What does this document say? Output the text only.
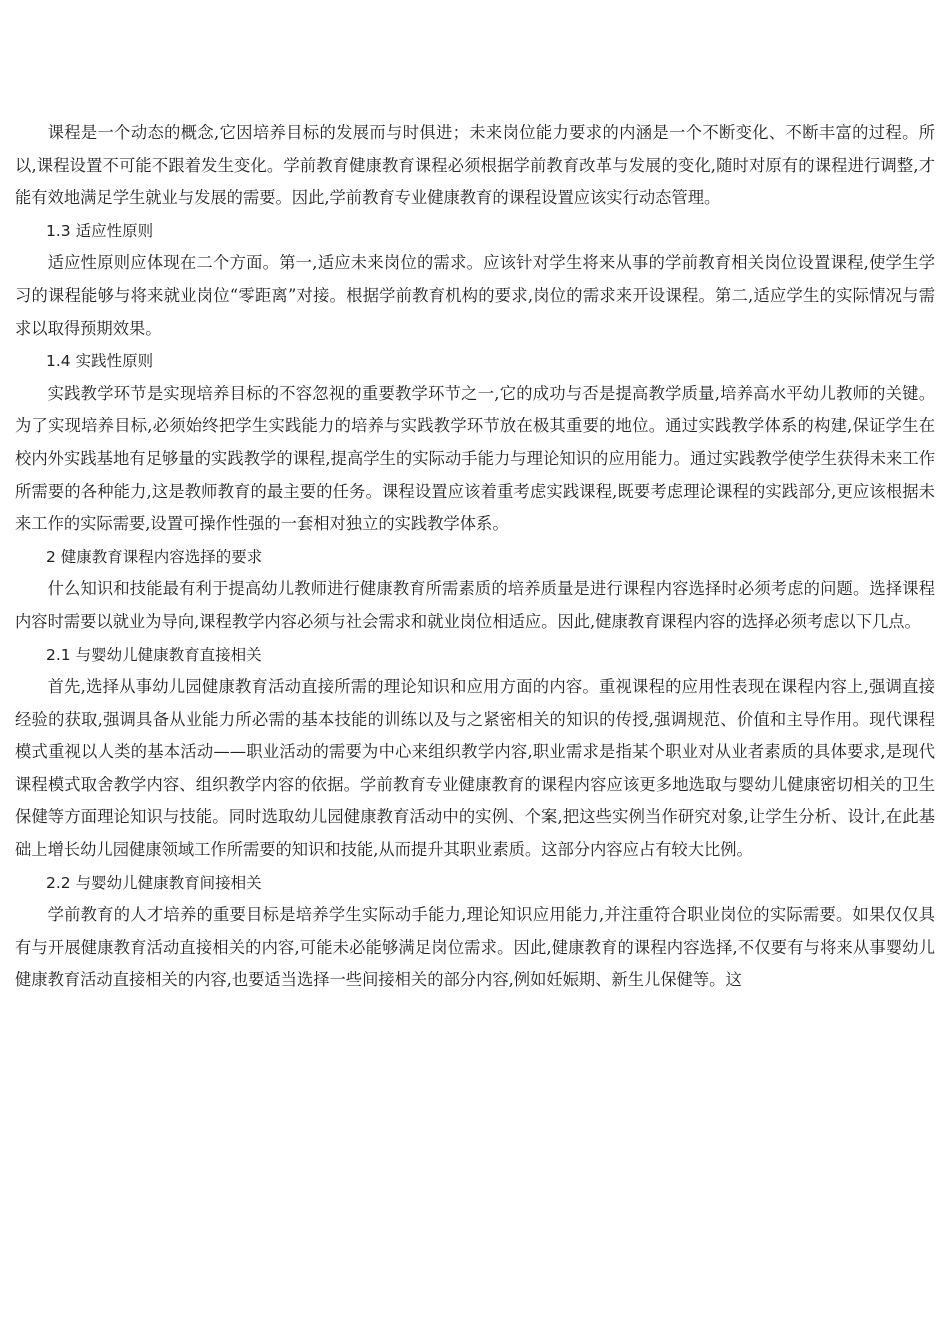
课程是一个动态的概念,它因培养目标的发展而与时俱进；未来岗位能力要求的内涵是一个不断变化、不断丰富的过程。所以,课程设置不可能不跟着发生变化。学前教育健康教育课程必须根据学前教育改革与发展的变化,随时对原有的课程进行调整,才能有效地满足学生就业与发展的需要。因此,学前教育专业健康教育的课程设置应该实行动态管理。

1.3 适应性原则

适应性原则应体现在二个方面。第一,适应未来岗位的需求。应该针对学生将来从事的学前教育相关岗位设置课程,使学生学习的课程能够与将来就业岗位“零距离”对接。根据学前教育机构的要求,岗位的需求来开设课程。第二,适应学生的实际情况与需求以取得预期效果。

1.4 实践性原则

实践教学环节是实现培养目标的不容忽视的重要教学环节之一,它的成功与否是提高教学质量,培养高水平幼儿教师的关键。为了实现培养目标,必须始终把学生实践能力的培养与实践教学环节放在极其重要的地位。通过实践教学体系的构建,保证学生在校内外实践基地有足够量的实践教学的课程,提高学生的实际动手能力与理论知识的应用能力。通过实践教学使学生获得未来工作所需要的各种能力,这是教师教育的最主要的任务。课程设置应该着重考虑实践课程,既要考虑理论课程的实践部分,更应该根据未来工作的实际需要,设置可操作性强的一套相对独立的实践教学体系。

2 健康教育课程内容选择的要求

什么知识和技能最有利于提高幼儿教师进行健康教育所需素质的培养质量是进行课程内容选择时必须考虑的问题。选择课程内容时需要以就业为导向,课程教学内容必须与社会需求和就业岗位相适应。因此,健康教育课程内容的选择必须考虑以下几点。

2.1 与婴幼儿健康教育直接相关

首先,选择从事幼儿园健康教育活动直接所需的理论知识和应用方面的内容。重视课程的应用性表现在课程内容上,强调直接经验的获取,强调具备从业能力所必需的基本技能的训练以及与之紧密相关的知识的传授,强调规范、价值和主导作用。现代课程模式重视以人类的基本活动——职业活动的需要为中心来组织教学内容,职业需求是指某个职业对从业者素质的具体要求,是现代课程模式取舍教学内容、组织教学内容的依据。学前教育专业健康教育的课程内容应该更多地选取与婴幼儿健康密切相关的卫生保健等方面理论知识与技能。同时选取幼儿园健康教育活动中的实例、个案,把这些实例当作研究对象,让学生分析、设计,在此基础上增长幼儿园健康领域工作所需要的知识和技能,从而提升其职业素质。这部分内容应占有较大比例。

2.2 与婴幼儿健康教育间接相关

学前教育的人才培养的重要目标是培养学生实际动手能力,理论知识应用能力,并注重符合职业岗位的实际需要。如果仅仅具有与开展健康教育活动直接相关的内容,可能未必能够满足岗位需求。因此,健康教育的课程内容选择,不仅要有与将来从事婴幼儿健康教育活动直接相关的内容,也要适当选择一些间接相关的部分内容,例如妊娠期、新生儿保健等。这
